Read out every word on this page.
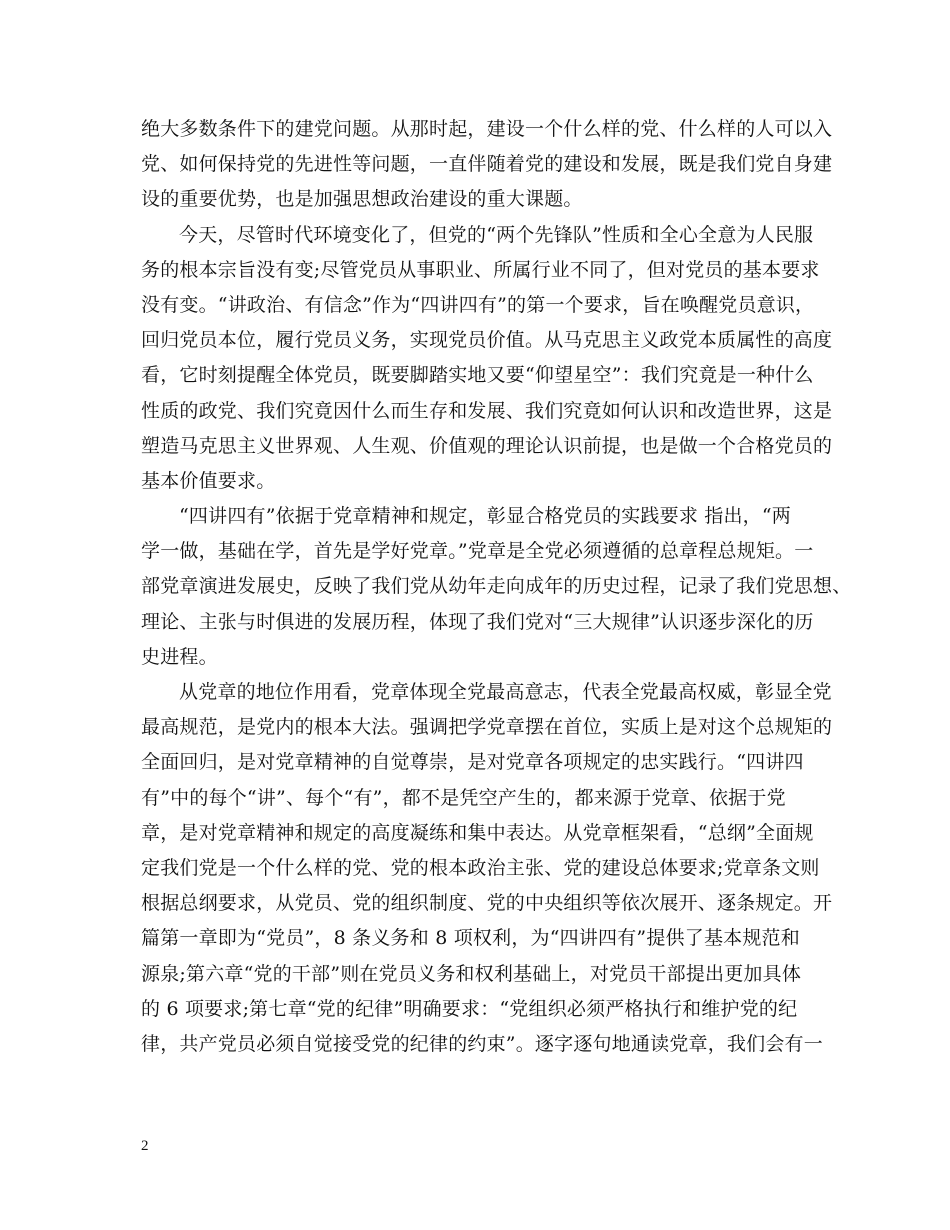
绝大多数条件下的建党问题。从那时起，建设一个什么样的党、什么样的人可以入
党、如何保持党的先进性等问题，一直伴随着党的建设和发展，既是我们党自身建
设的重要优势，也是加强思想政治建设的重大课题。
今天，尽管时代环境变化了，但党的“两个先锋队”性质和全心全意为人民服
务的根本宗旨没有变;尽管党员从事职业、所属行业不同了，但对党员的基本要求
没有变。“讲政治、有信念”作为“四讲四有”的第一个要求，旨在唤醒党员意识，
回归党员本位，履行党员义务，实现党员价值。从马克思主义政党本质属性的高度
看，它时刻提醒全体党员，既要脚踏实地又要“仰望星空”：我们究竟是一种什么
性质的政党、我们究竟因什么而生存和发展、我们究竟如何认识和改造世界，这是
塑造马克思主义世界观、人生观、价值观的理论认识前提，也是做一个合格党员的
基本价值要求。
“四讲四有”依据于党章精神和规定，彰显合格党员的实践要求 指出，“两
学一做，基础在学，首先是学好党章。”党章是全党必须遵循的总章程总规矩。一
部党章演进发展史，反映了我们党从幼年走向成年的历史过程，记录了我们党思想、
理论、主张与时俱进的发展历程，体现了我们党对“三大规律”认识逐步深化的历
史进程。
从党章的地位作用看，党章体现全党最高意志，代表全党最高权威，彰显全党
最高规范，是党内的根本大法。强调把学党章摆在首位，实质上是对这个总规矩的
全面回归，是对党章精神的自觉尊崇，是对党章各项规定的忠实践行。“四讲四
有”中的每个“讲”、每个“有”，都不是凭空产生的，都来源于党章、依据于党
章，是对党章精神和规定的高度凝练和集中表达。从党章框架看，“总纲”全面规
定我们党是一个什么样的党、党的根本政治主张、党的建设总体要求;党章条文则
根据总纲要求，从党员、党的组织制度、党的中央组织等依次展开、逐条规定。开
篇第一章即为“党员”，8 条义务和 8 项权利，为“四讲四有”提供了基本规范和
源泉;第六章“党的干部”则在党员义务和权利基础上，对党员干部提出更加具体
的 6 项要求;第七章“党的纪律”明确要求：“党组织必须严格执行和维护党的纪
律，共产党员必须自觉接受党的纪律的约束”。逐字逐句地通读党章，我们会有一
2
